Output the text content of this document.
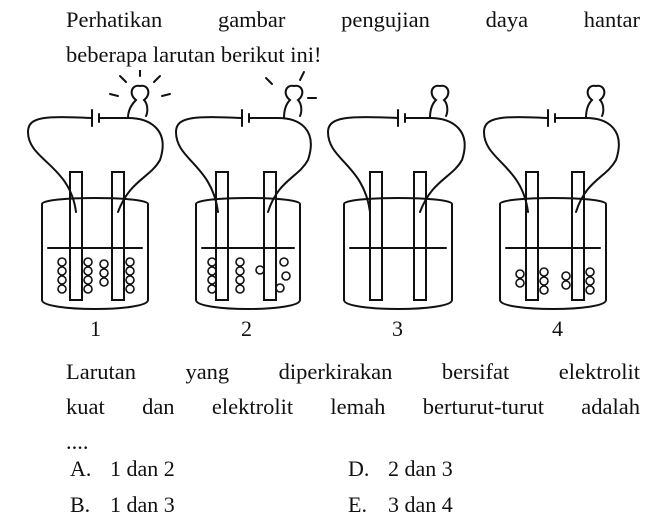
Perhatikan gambar pengujian daya hantar
beberapa larutan berikut ini!
1	2	3	4
Larutan yang diperkirakan bersifat elektrolit
kuat dan elektrolit lemah berturut-turut adalah
....
A. 1 dan 2
B. 1 dan 3
D. 2 dan 3
E. 3 dan 4
